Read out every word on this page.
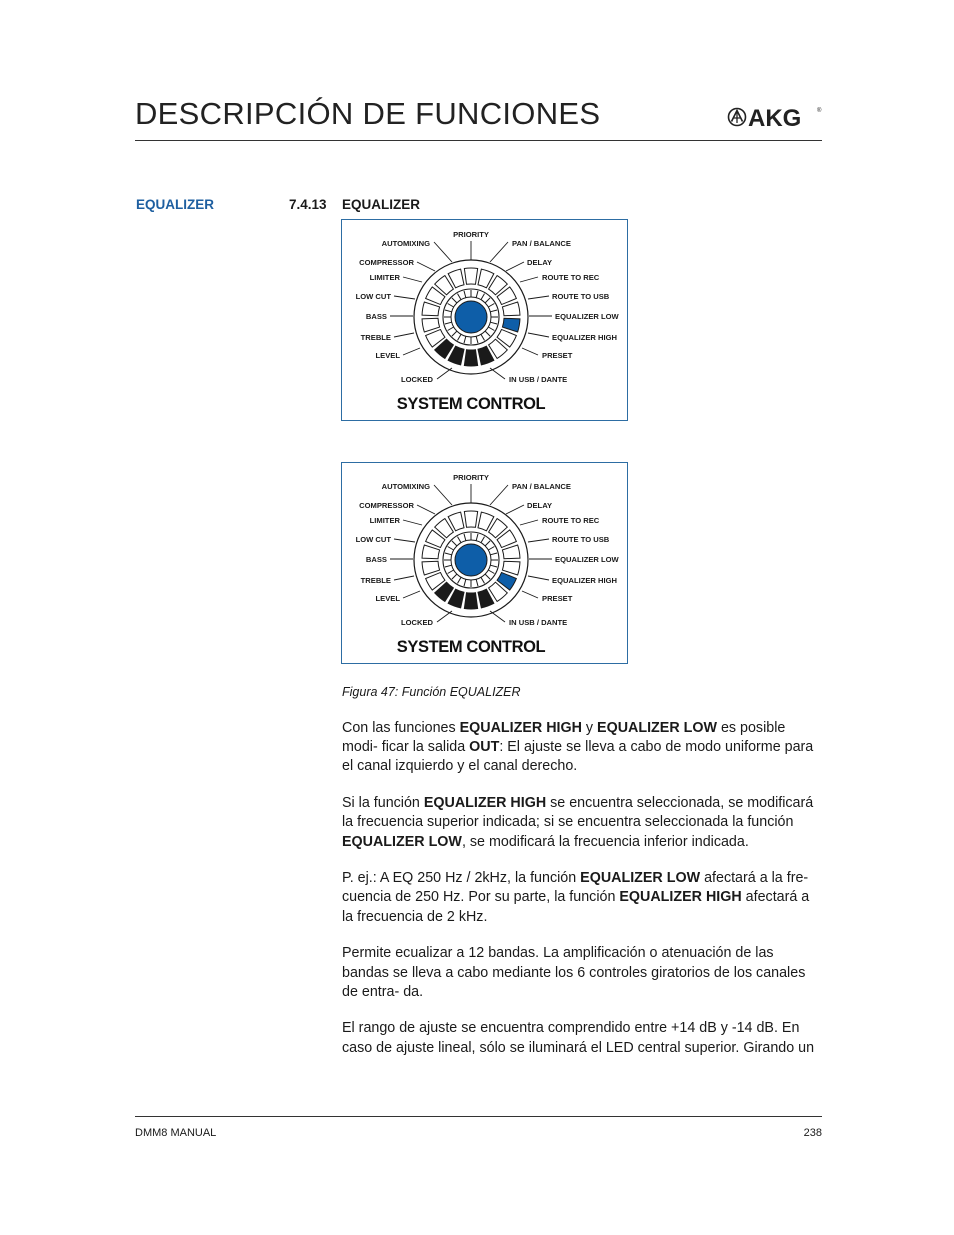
DESCRIPCIÓN DE FUNCIONES	AKG	®
EQUALIZER	7.4.13 EQUALIZER
PRIORITY
AUTOMIXING	PAN / BALANCE
COMPRESSOR	DELAY
LIMITER	ROUTE TO REC
LOW CUT	ROUTE TO USB
BASS	EQUALIZER LOW
TREBLE	EQUALIZER HIGH
LEVEL	PRESET
LOCKED	IN USB / DANTE
SYSTEM CONTROL
PRIORITY
AUTOMIXING	PAN / BALANCE
COMPRESSOR	DELAY
LIMITER	ROUTE TO REC
LOW CUT	ROUTE TO USB
BASS	EQUALIZER LOW
TREBLE	EQUALIZER HIGH
LEVEL	PRESET
LOCKED	IN USB / DANTE
SYSTEM CONTROL
Figura 47: Función EQUALIZER

Con las funciones EQUALIZER HIGH y EQUALIZER LOW es posible modi- ficar la salida OUT: El ajuste se lleva a cabo de modo uniforme para el canal izquierdo y el canal derecho.

Si la función EQUALIZER HIGH se encuentra seleccionada, se modificará la frecuencia superior indicada; si se encuentra seleccionada la función EQUALIZER LOW, se modificará la frecuencia inferior indicada.

P. ej.: A EQ 250 Hz / 2kHz, la función EQUALIZER LOW afectará a la fre- cuencia de 250 Hz. Por su parte, la función EQUALIZER HIGH afectará a la frecuencia de 2 kHz.

Permite ecualizar a 12 bandas. La amplificación o atenuación de las bandas se lleva a cabo mediante los 6 controles giratorios de los canales de entra- da.

El rango de ajuste se encuentra comprendido entre +14 dB y -14 dB. En caso de ajuste lineal, sólo se iluminará el LED central superior. Girando un

DMM8 MANUAL	238
